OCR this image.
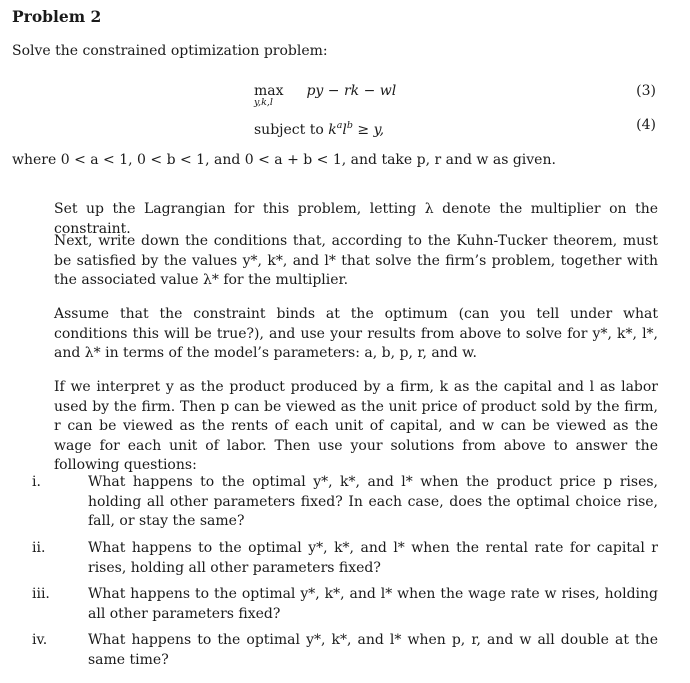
Problem 2
Solve the constrained optimization problem:
max
y,k,l
py − rk − wl	(3)
subject to $k^al^b \ge y$,	(4)
where 0 < a < 1, 0 < b < 1, and 0 < a + b < 1, and take p, r and w as given.
Set up the Lagrangian for this problem, letting λ denote the multiplier on the constraint.
Next, write down the conditions that, according to the Kuhn-Tucker theorem, must be satisfied by the values y*, k*, and l* that solve the firm’s problem, together with the associated value λ* for the multiplier.
Assume that the constraint binds at the optimum (can you tell under what conditions this will be true?), and use your results from above to solve for y*, k*, l*, and λ* in terms of the model’s parameters: a, b, p, r, and w.
If we interpret y as the product produced by a firm, k as the capital and l as labor used by the firm. Then p can be viewed as the unit price of product sold by the firm, r can be viewed as the rents of each unit of capital, and w can be viewed as the wage for each unit of labor. Then use your solutions from above to answer the following questions:
i.	What happens to the optimal y*, k*, and l* when the product price p rises, holding all other parameters fixed? In each case, does the optimal choice rise, fall, or stay the same?
ii.	What happens to the optimal y*, k*, and l* when the rental rate for capital r rises, holding all other parameters fixed?
iii.	What happens to the optimal y*, k*, and l* when the wage rate w rises, holding all other parameters fixed?
iv.	What happens to the optimal y*, k*, and l* when p, r, and w all double at the same time?
